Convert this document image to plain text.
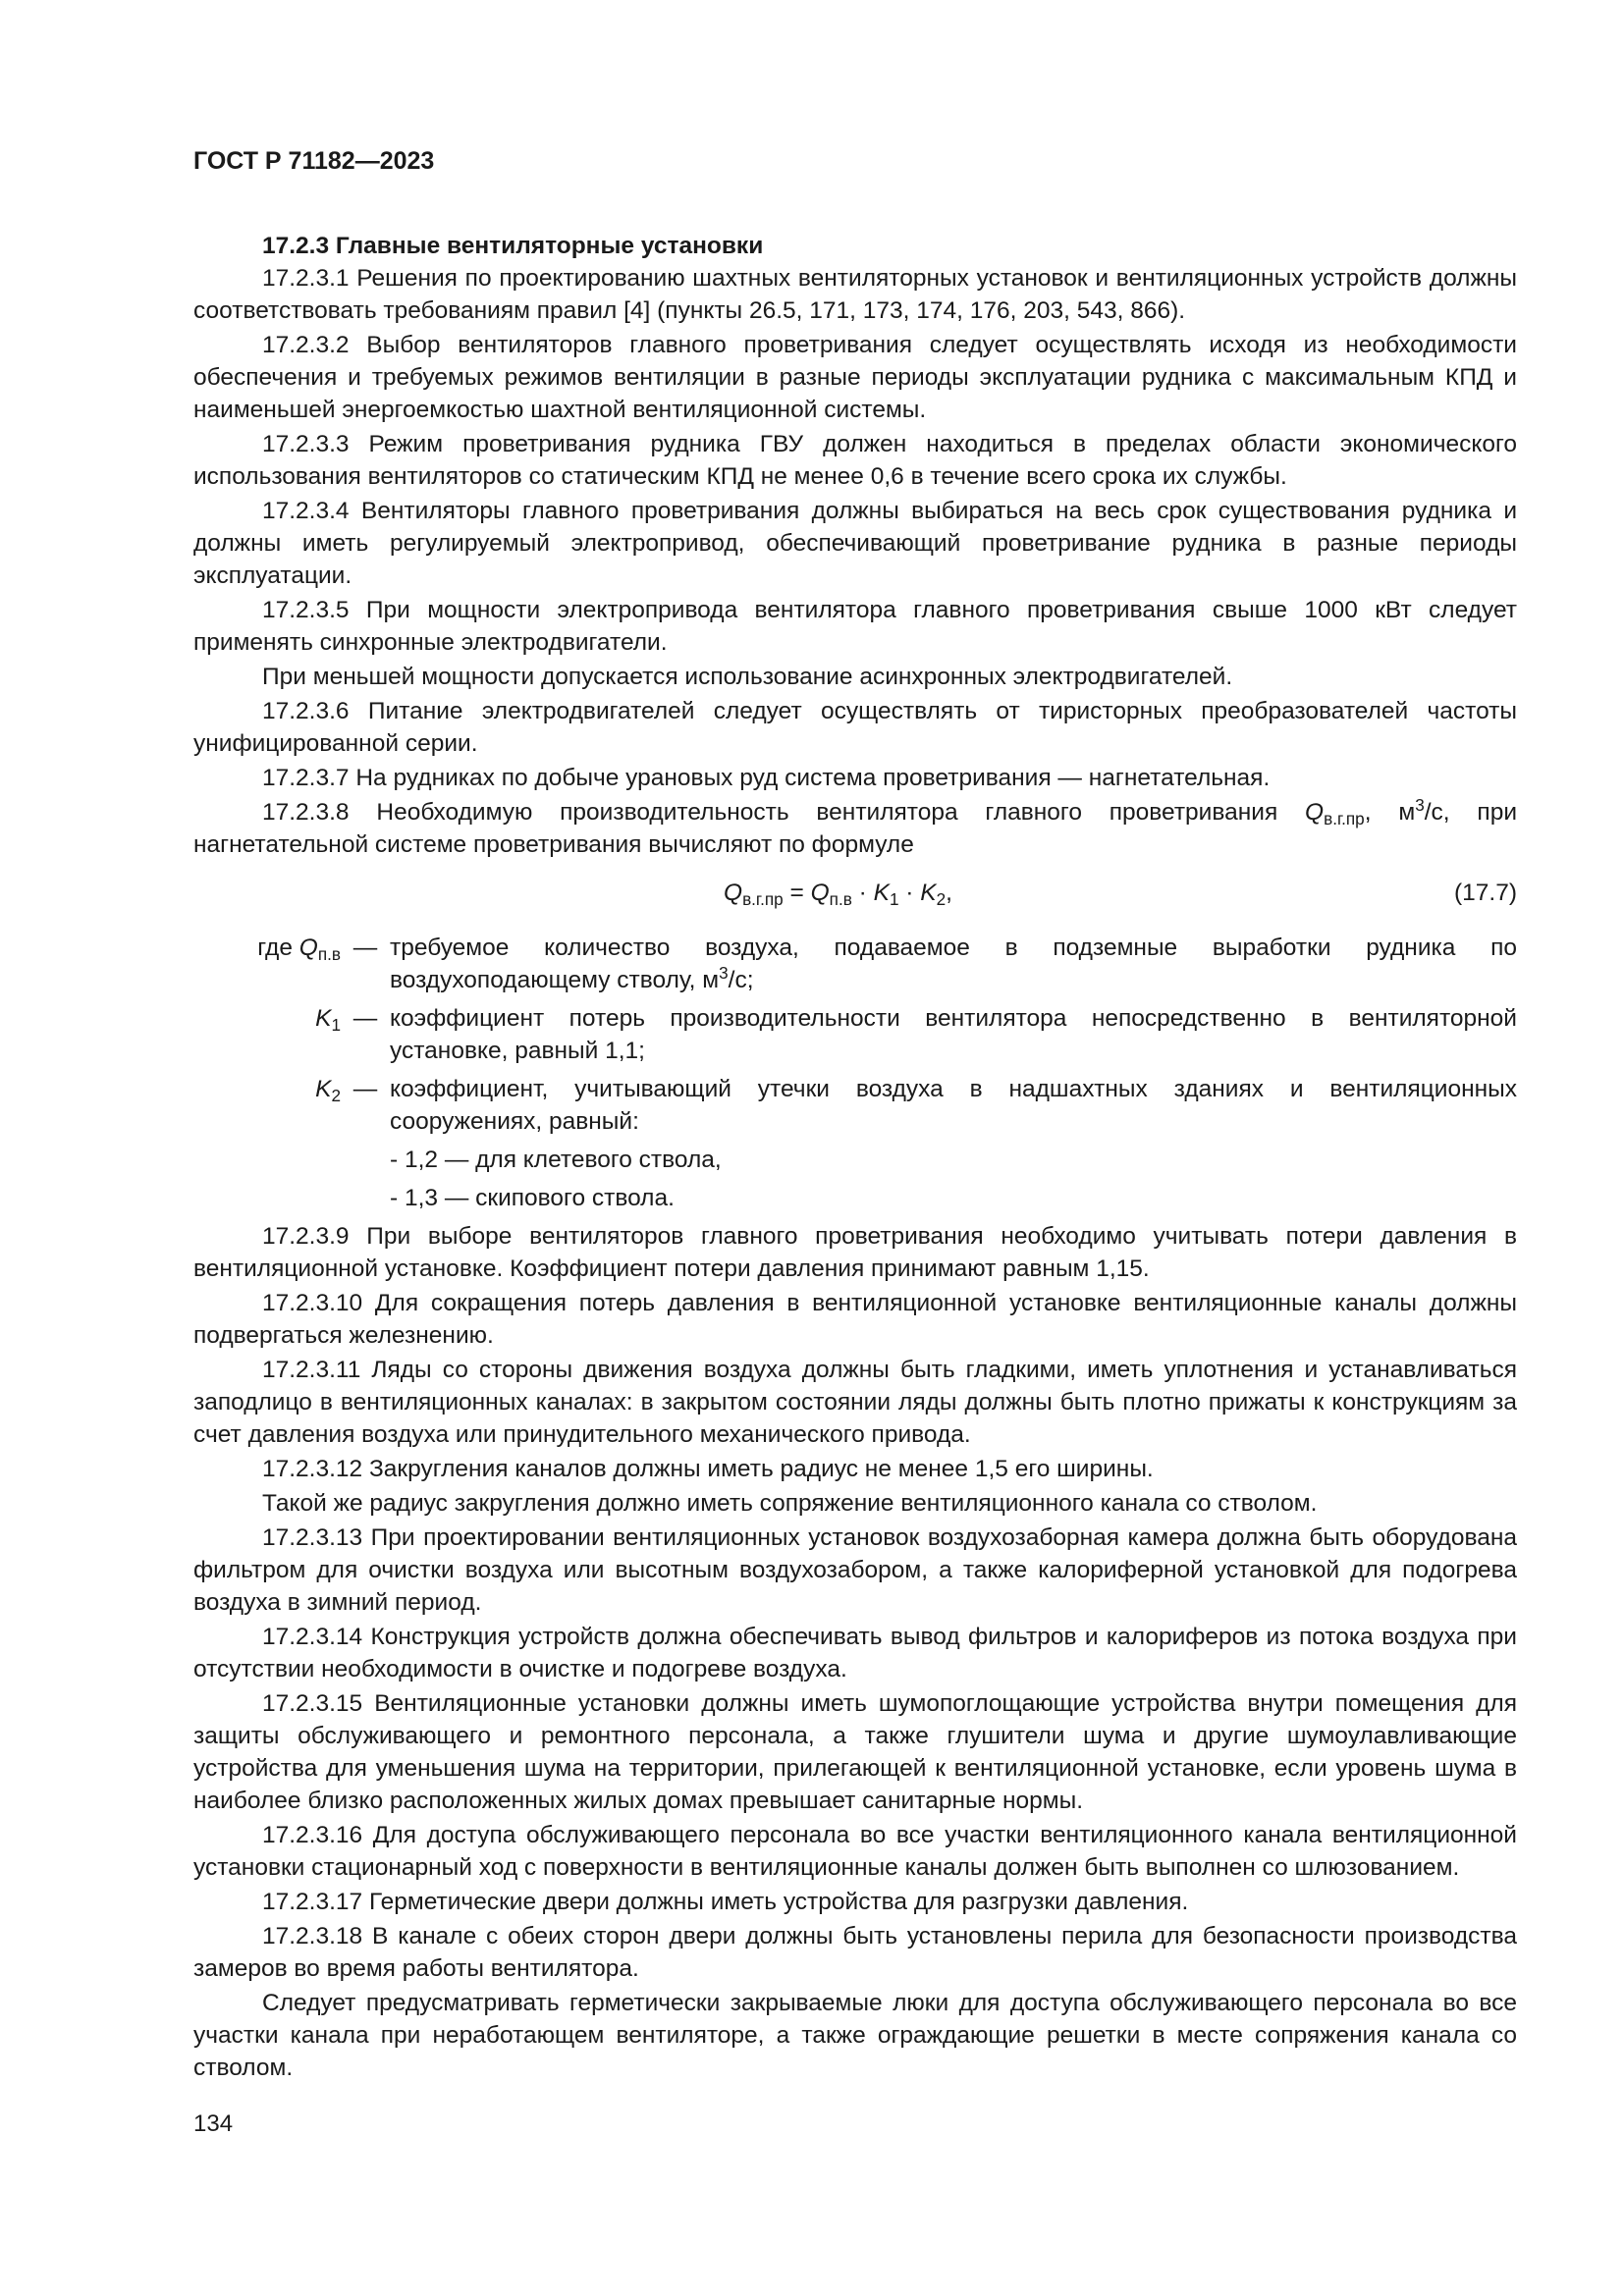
ГОСТ Р 71182—2023
17.2.3 Главные вентиляторные установки

17.2.3.1 Решения по проектированию шахтных вентиляторных установок и вентиляционных устройств должны соответствовать требованиям правил [4] (пункты 26.5, 171, 173, 174, 176, 203, 543, 866).

17.2.3.2 Выбор вентиляторов главного проветривания следует осуществлять исходя из необходимости обеспечения и требуемых режимов вентиляции в разные периоды эксплуатации рудника с максимальным КПД и наименьшей энергоемкостью шахтной вентиляционной системы.

17.2.3.3 Режим проветривания рудника ГВУ должен находиться в пределах области экономического использования вентиляторов со статическим КПД не менее 0,6 в течение всего срока их службы.

17.2.3.4 Вентиляторы главного проветривания должны выбираться на весь срок существования рудника и должны иметь регулируемый электропривод, обеспечивающий проветривание рудника в разные периоды эксплуатации.

17.2.3.5 При мощности электропривода вентилятора главного проветривания свыше 1000 кВт следует применять синхронные электродвигатели.

При меньшей мощности допускается использование асинхронных электродвигателей.

17.2.3.6 Питание электродвигателей следует осуществлять от тиристорных преобразователей частоты унифицированной серии.

17.2.3.7 На рудниках по добыче урановых руд система проветривания — нагнетательная.

17.2.3.8 Необходимую производительность вентилятора главного проветривания $Q_{в.г.пр}$, $м^3/с$, при нагнетательной системе проветривания вычисляют по формуле

$Q_{в.г.пр} = Q_{п.в} \cdot K_1 \cdot K_2$,	(17.7)
где $Q_{п.в}$ — требуемое количество воздуха, подаваемое в подземные выработки рудника по воздухоподающему стволу, $м^3/с$;
$K_1$ — коэффициент потерь производительности вентилятора непосредственно в вентиляторной установке, равный 1,1;
$K_2$ — коэффициент, учитывающий утечки воздуха в надшахтных зданиях и вентиляционных сооружениях, равный:
- 1,2 — для клетевого ствола,
- 1,3 — скипового ствола.

17.2.3.9 При выборе вентиляторов главного проветривания необходимо учитывать потери давления в вентиляционной установке. Коэффициент потери давления принимают равным 1,15.

17.2.3.10 Для сокращения потерь давления в вентиляционной установке вентиляционные каналы должны подвергаться железнению.

17.2.3.11 Ляды со стороны движения воздуха должны быть гладкими, иметь уплотнения и устанавливаться заподлицо в вентиляционных каналах: в закрытом состоянии ляды должны быть плотно прижаты к конструкциям за счет давления воздуха или принудительного механического привода.

17.2.3.12 Закругления каналов должны иметь радиус не менее 1,5 его ширины.

Такой же радиус закругления должно иметь сопряжение вентиляционного канала со стволом.

17.2.3.13 При проектировании вентиляционных установок воздухозаборная камера должна быть оборудована фильтром для очистки воздуха или высотным воздухозабором, а также калориферной установкой для подогрева воздуха в зимний период.

17.2.3.14 Конструкция устройств должна обеспечивать вывод фильтров и калориферов из потока воздуха при отсутствии необходимости в очистке и подогреве воздуха.

17.2.3.15 Вентиляционные установки должны иметь шумопоглощающие устройства внутри помещения для защиты обслуживающего и ремонтного персонала, а также глушители шума и другие шумоулавливающие устройства для уменьшения шума на территории, прилегающей к вентиляционной установке, если уровень шума в наиболее близко расположенных жилых домах превышает санитарные нормы.

17.2.3.16 Для доступа обслуживающего персонала во все участки вентиляционного канала вентиляционной установки стационарный ход с поверхности в вентиляционные каналы должен быть выполнен со шлюзованием.

17.2.3.17 Герметические двери должны иметь устройства для разгрузки давления.

17.2.3.18 В канале с обеих сторон двери должны быть установлены перила для безопасности производства замеров во время работы вентилятора.

Следует предусматривать герметически закрываемые люки для доступа обслуживающего персонала во все участки канала при неработающем вентиляторе, а также ограждающие решетки в месте сопряжения канала со стволом.

134
